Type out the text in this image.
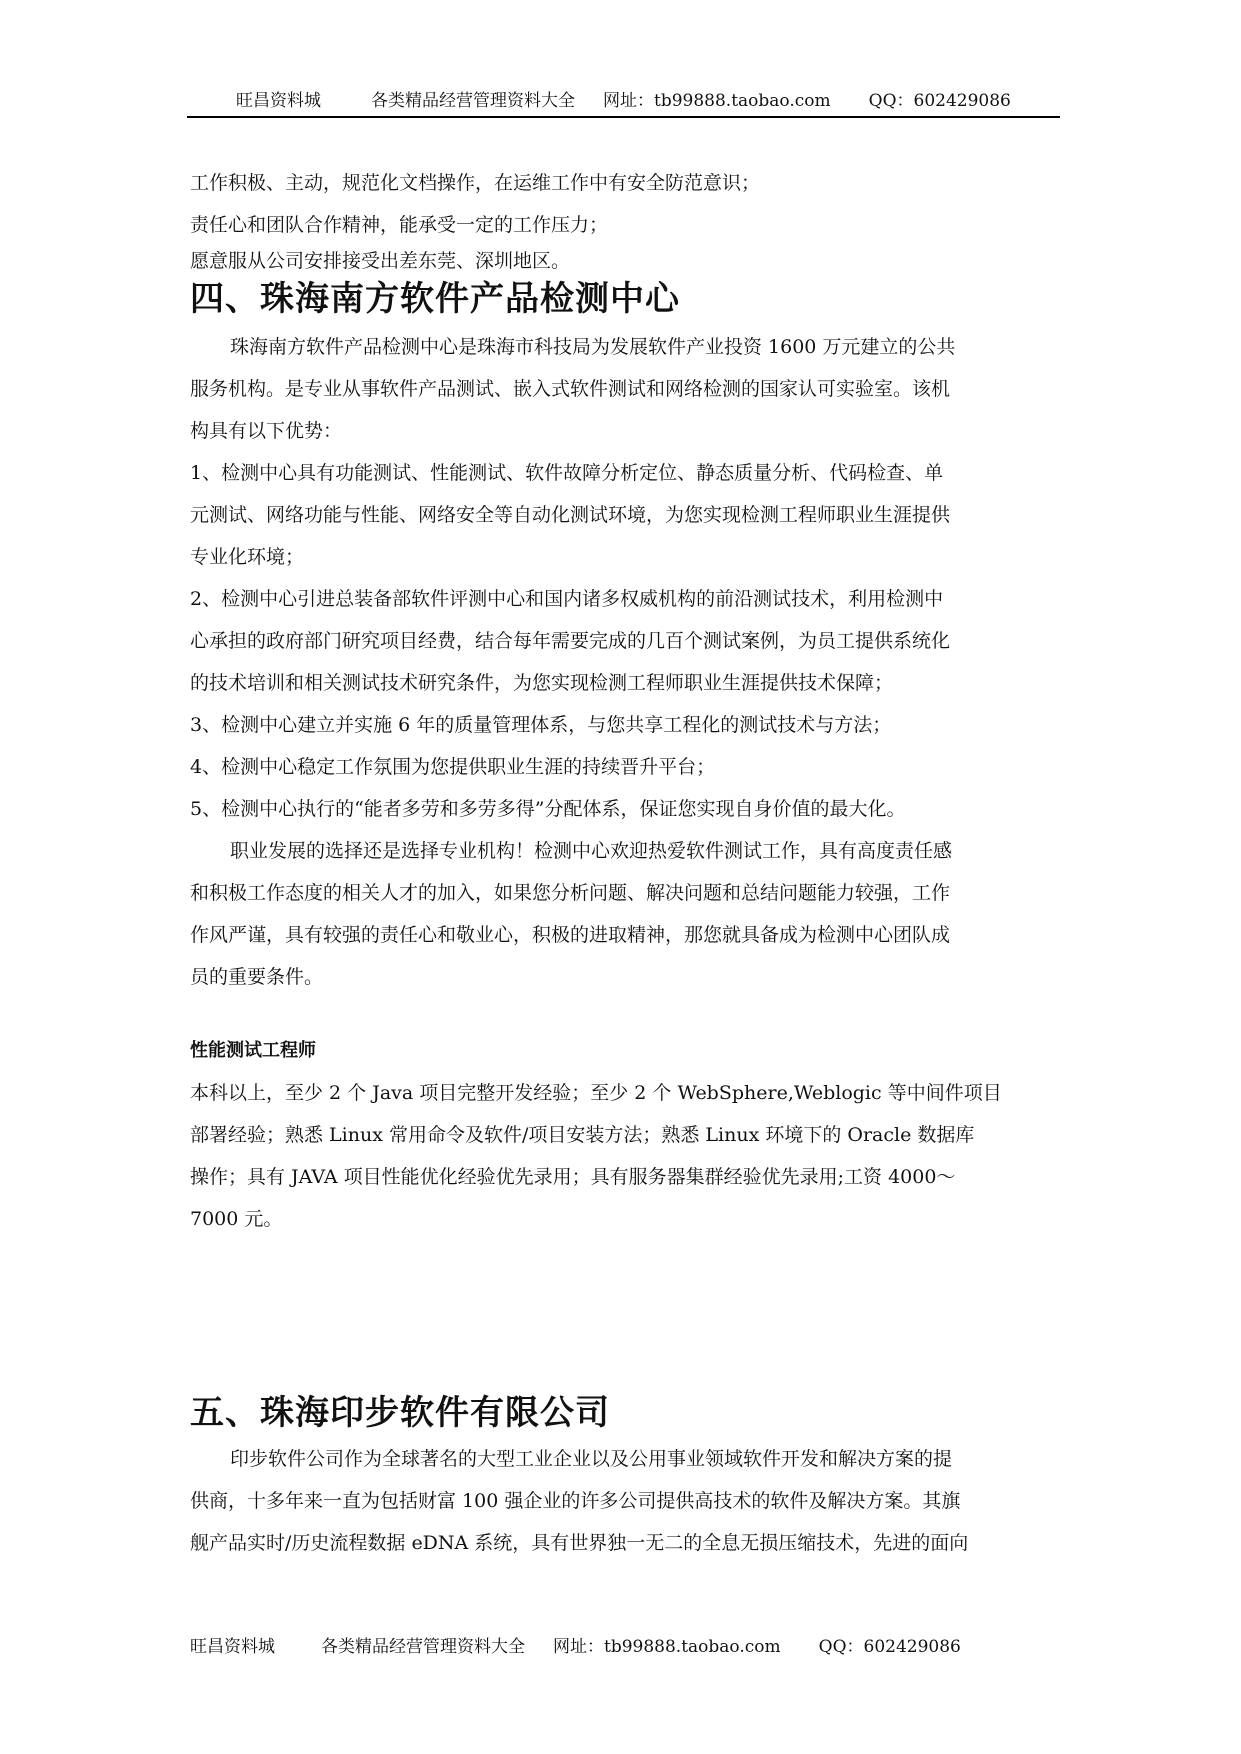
旺昌资料城	各类精品经营管理资料大全 网址：tb99888.taobao.com QQ：602429086

工作积极、主动，规范化文档操作，在运维工作中有安全防范意识；

责任心和团队合作精神，能承受一定的工作压力；

愿意服从公司安排接受出差东莞、深圳地区。

四、珠海南方软件产品检测中心

珠海南方软件产品检测中心是珠海市科技局为发展软件产业投资 1600 万元建立的公共

服务机构。是专业从事软件产品测试、嵌入式软件测试和网络检测的国家认可实验室。该机

构具有以下优势：

1、检测中心具有功能测试、性能测试、软件故障分析定位、静态质量分析、代码检查、单

元测试、网络功能与性能、网络安全等自动化测试环境，为您实现检测工程师职业生涯提供

专业化环境；

2、检测中心引进总装备部软件评测中心和国内诸多权威机构的前沿测试技术，利用检测中

心承担的政府部门研究项目经费，结合每年需要完成的几百个测试案例，为员工提供系统化

的技术培训和相关测试技术研究条件，为您实现检测工程师职业生涯提供技术保障；

3、检测中心建立并实施 6 年的质量管理体系，与您共享工程化的测试技术与方法；

4、检测中心稳定工作氛围为您提供职业生涯的持续晋升平台；

5、检测中心执行的“能者多劳和多劳多得”分配体系，保证您实现自身价值的最大化。

职业发展的选择还是选择专业机构！检测中心欢迎热爱软件测试工作，具有高度责任感

和积极工作态度的相关人才的加入，如果您分析问题、解决问题和总结问题能力较强，工作

作风严谨，具有较强的责任心和敬业心，积极的进取精神，那您就具备成为检测中心团队成

员的重要条件。

性能测试工程师

本科以上，至少 2 个 Java 项目完整开发经验；至少 2 个 WebSphere,Weblogic 等中间件项目

部署经验；熟悉 Linux 常用命令及软件/项目安装方法；熟悉 Linux 环境下的 Oracle 数据库

操作；具有 JAVA 项目性能优化经验优先录用；具有服务器集群经验优先录用;工资 4000～

7000 元。

五、珠海印步软件有限公司

印步软件公司作为全球著名的大型工业企业以及公用事业领域软件开发和解决方案的提

供商，十多年来一直为包括财富 100 强企业的许多公司提供高技术的软件及解决方案。其旗

舰产品实时/历史流程数据 eDNA 系统，具有世界独一无二的全息无损压缩技术，先进的面向

旺昌资料城	各类精品经营管理资料大全 网址：tb99888.taobao.com QQ：602429086
